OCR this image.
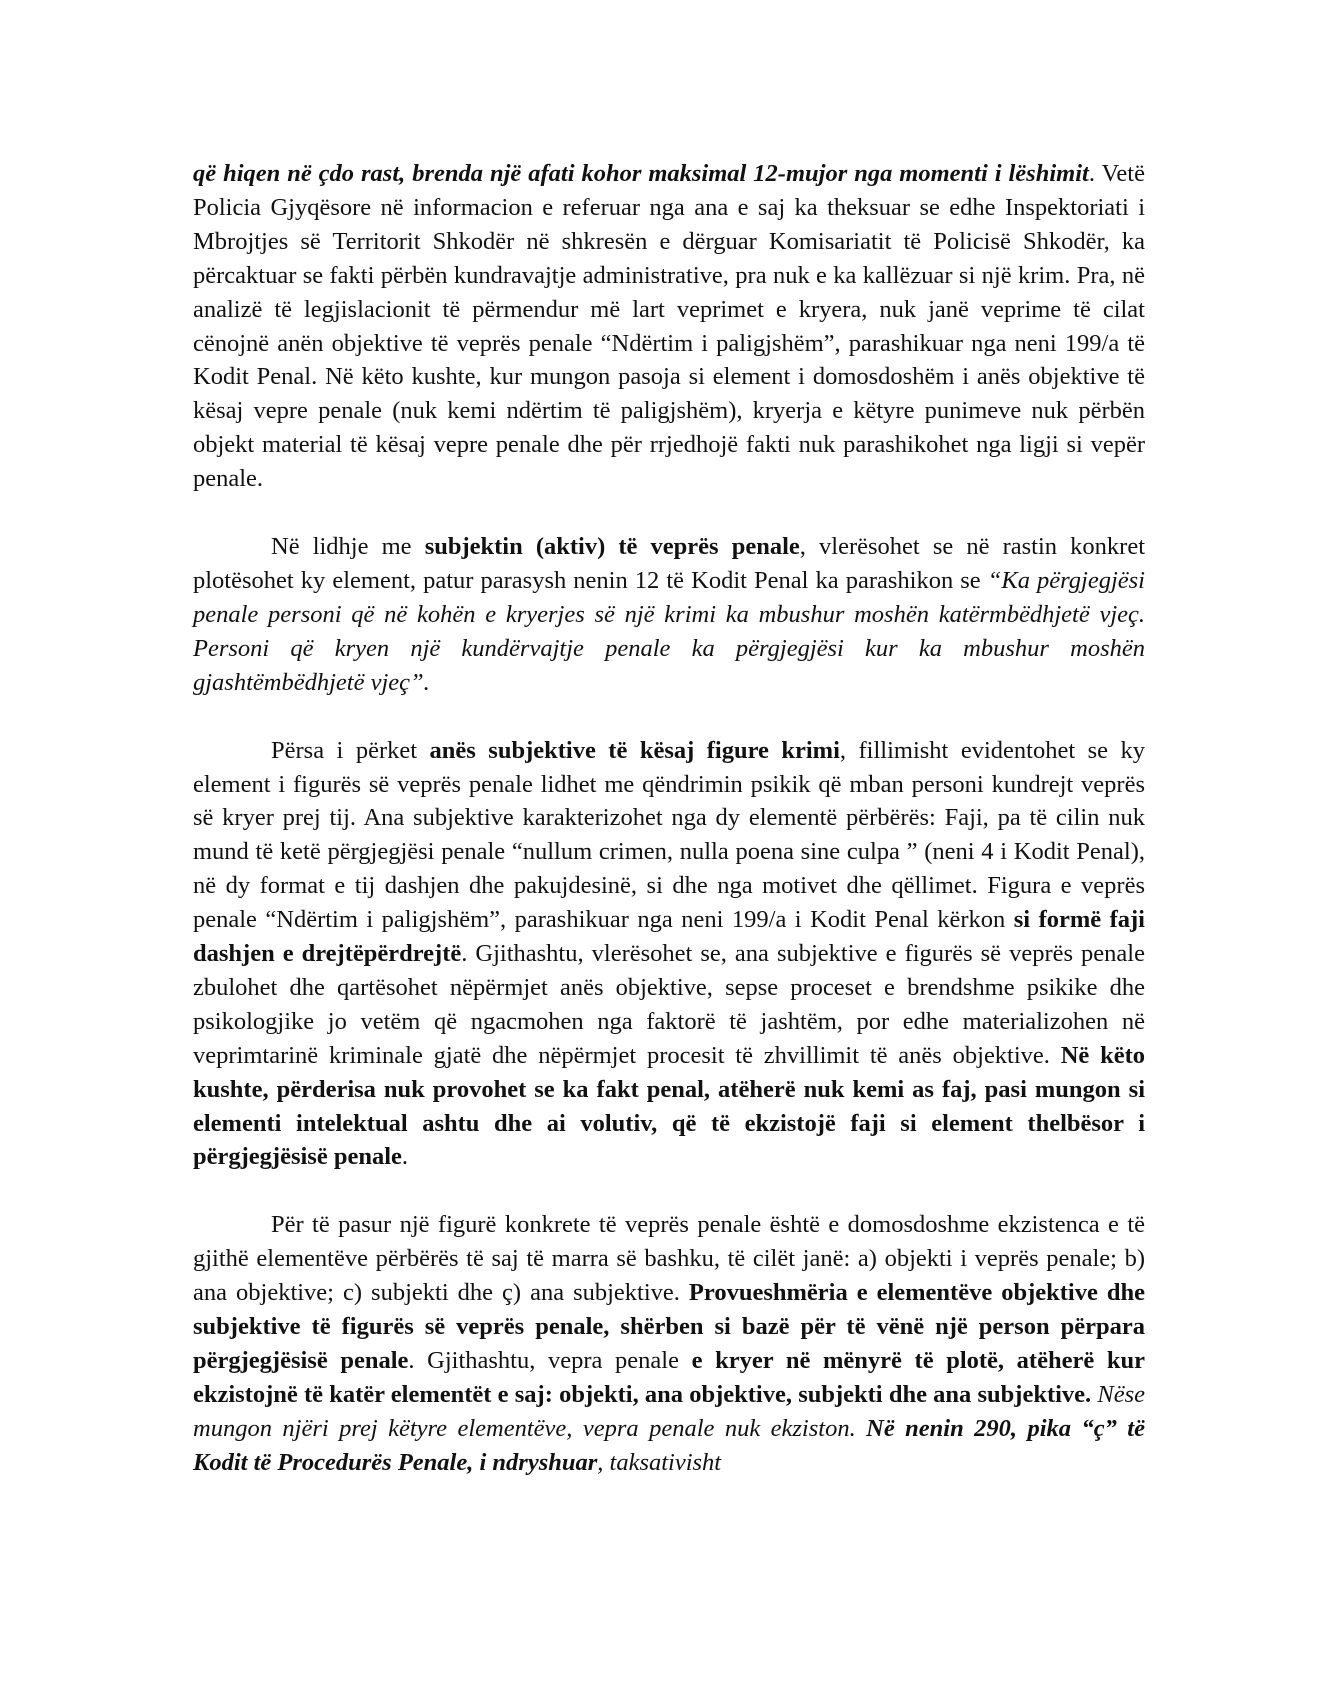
që hiqen në çdo rast, brenda një afati kohor maksimal 12-mujor nga momenti i lëshimit. Vetë Policia Gjyqësore në informacion e referuar nga ana e saj ka theksuar se edhe Inspektoriati i Mbrojtjes së Territorit Shkodër në shkresën e dërguar Komisariatit të Policisë Shkodër, ka përcaktuar se fakti përbën kundravajtje administrative, pra nuk e ka kallëzuar si një krim. Pra, në analizë të legjislacionit të përmendur më lart veprimet e kryera, nuk janë veprime të cilat cënojnë anën objektive të veprës penale “Ndërtim i paligjshëm”, parashikuar nga neni 199/a të Kodit Penal. Në këto kushte, kur mungon pasoja si element i domosdoshëm i anës objektive të kësaj vepre penale (nuk kemi ndërtim të paligjshëm), kryerja e këtyre punimeve nuk përbën objekt material të kësaj vepre penale dhe për rrjedhojë fakti nuk parashikohet nga ligji si vepër penale.

Në lidhje me subjektin (aktiv) të veprës penale, vlerësohet se në rastin konkret plotësohet ky element, patur parasysh nenin 12 të Kodit Penal ka parashikon se “Ka përgjegjësi penale personi që në kohën e kryerjes së një krimi ka mbushur moshën katërmbëdhjetë vjeç. Personi që kryen një kundërvajtje penale ka përgjegjësi kur ka mbushur moshën gjashtëmbëdhjetë vjeç”.

Përsa i përket anës subjektive të kësaj figure krimi, fillimisht evidentohet se ky element i figurës së veprës penale lidhet me qëndrimin psikik që mban personi kundrejt veprës së kryer prej tij. Ana subjektive karakterizohet nga dy elementë përbërës: Faji, pa të cilin nuk mund të ketë përgjegjësi penale “nullum crimen, nulla poena sine culpa ” (neni 4 i Kodit Penal), në dy format e tij dashjen dhe pakujdesinë, si dhe nga motivet dhe qëllimet. Figura e veprës penale “Ndërtim i paligjshëm”, parashikuar nga neni 199/a i Kodit Penal kërkon si formë faji dashjen e drejtëpërdrejtë. Gjithashtu, vlerësohet se, ana subjektive e figurës së veprës penale zbulohet dhe qartësohet nëpërmjet anës objektive, sepse proceset e brendshme psikike dhe psikologjike jo vetëm që ngacmohen nga faktorë të jashtëm, por edhe materializohen në veprimtarinë kriminale gjatë dhe nëpërmjet procesit të zhvillimit të anës objektive. Në këto kushte, përderisa nuk provohet se ka fakt penal, atëherë nuk kemi as faj, pasi mungon si elementi intelektual ashtu dhe ai volutiv, që të ekzistojë faji si element thelbësor i përgjegjësisë penale.

Për të pasur një figurë konkrete të veprës penale është e domosdoshme ekzistenca e të gjithë elementëve përbërës të saj të marra së bashku, të cilët janë: a) objekti i veprës penale; b) ana objektive; c) subjekti dhe ç) ana subjektive. Provueshmëria e elementëve objektive dhe subjektive të figurës së veprës penale, shërben si bazë për të vënë një person përpara përgjegjësisë penale. Gjithashtu, vepra penale e kryer në mënyrë të plotë, atëherë kur ekzistojnë të katër elementët e saj: objekti, ana objektive, subjekti dhe ana subjektive. Nëse mungon njëri prej këtyre elementëve, vepra penale nuk ekziston. Në nenin 290, pika “ç” të Kodit të Procedurës Penale, i ndryshuar, taksativisht
